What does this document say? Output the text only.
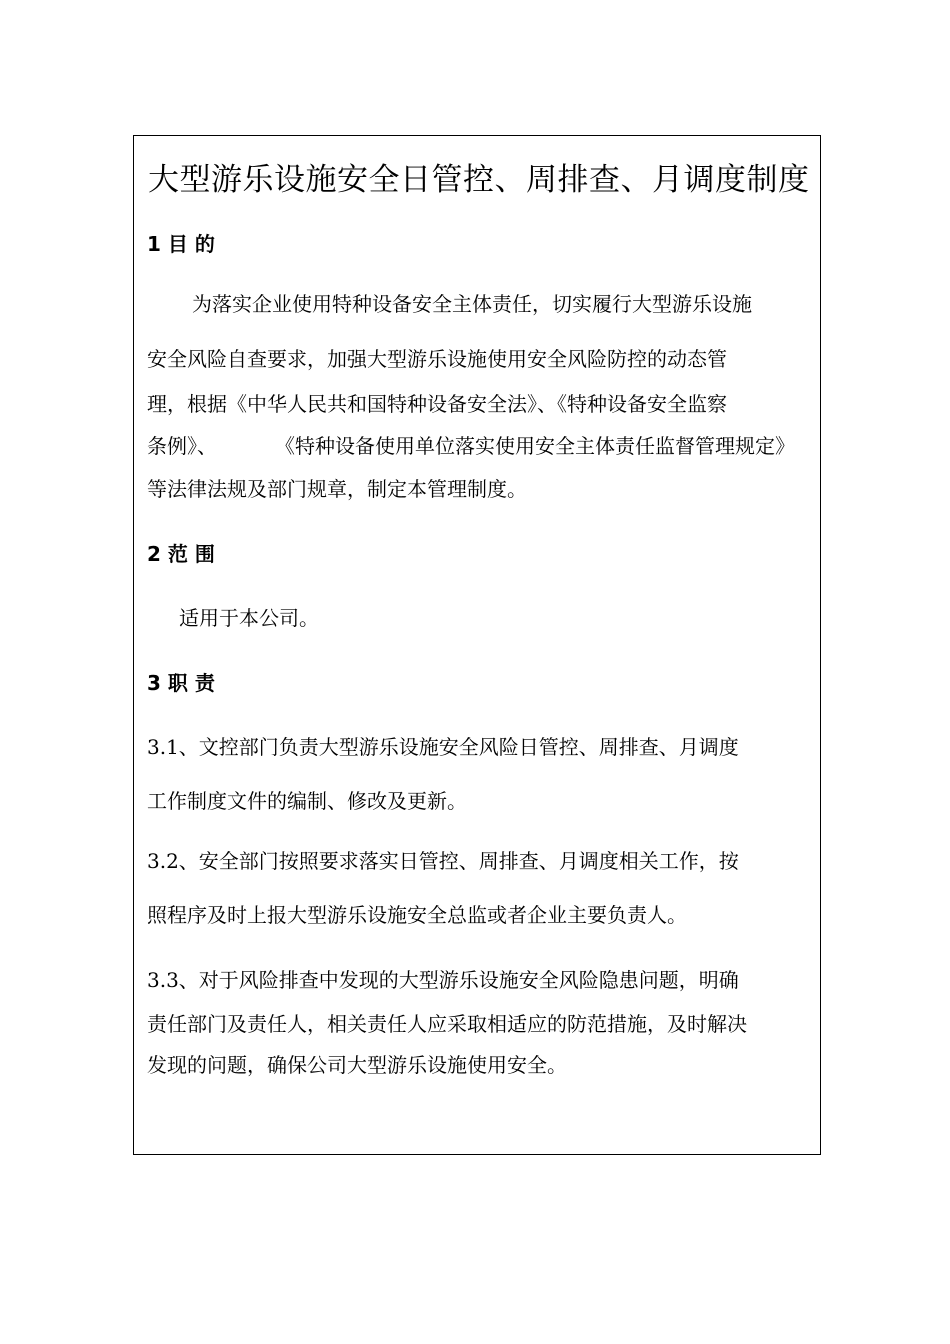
大型游乐设施安全日管控、周排查、月调度制度
1 目 的
为落实企业使用特种设备安全主体责任，切实履行大型游乐设施
安全风险自查要求，加强大型游乐设施使用安全风险防控的动态管
理，根据《中华人民共和国特种设备安全法》、《特种设备安全监察
条例》、	《特种设备使用单位落实使用安全主体责任监督管理规定》
等法律法规及部门规章，制定本管理制度。
2 范 围
适用于本公司。
3 职 责
3.1、文控部门负责大型游乐设施安全风险日管控、周排查、月调度
工作制度文件的编制、修改及更新。
3.2、安全部门按照要求落实日管控、周排查、月调度相关工作，按
照程序及时上报大型游乐设施安全总监或者企业主要负责人。
3.3、对于风险排查中发现的大型游乐设施安全风险隐患问题，明确
责任部门及责任人，相关责任人应采取相适应的防范措施，及时解决
发现的问题，确保公司大型游乐设施使用安全。
